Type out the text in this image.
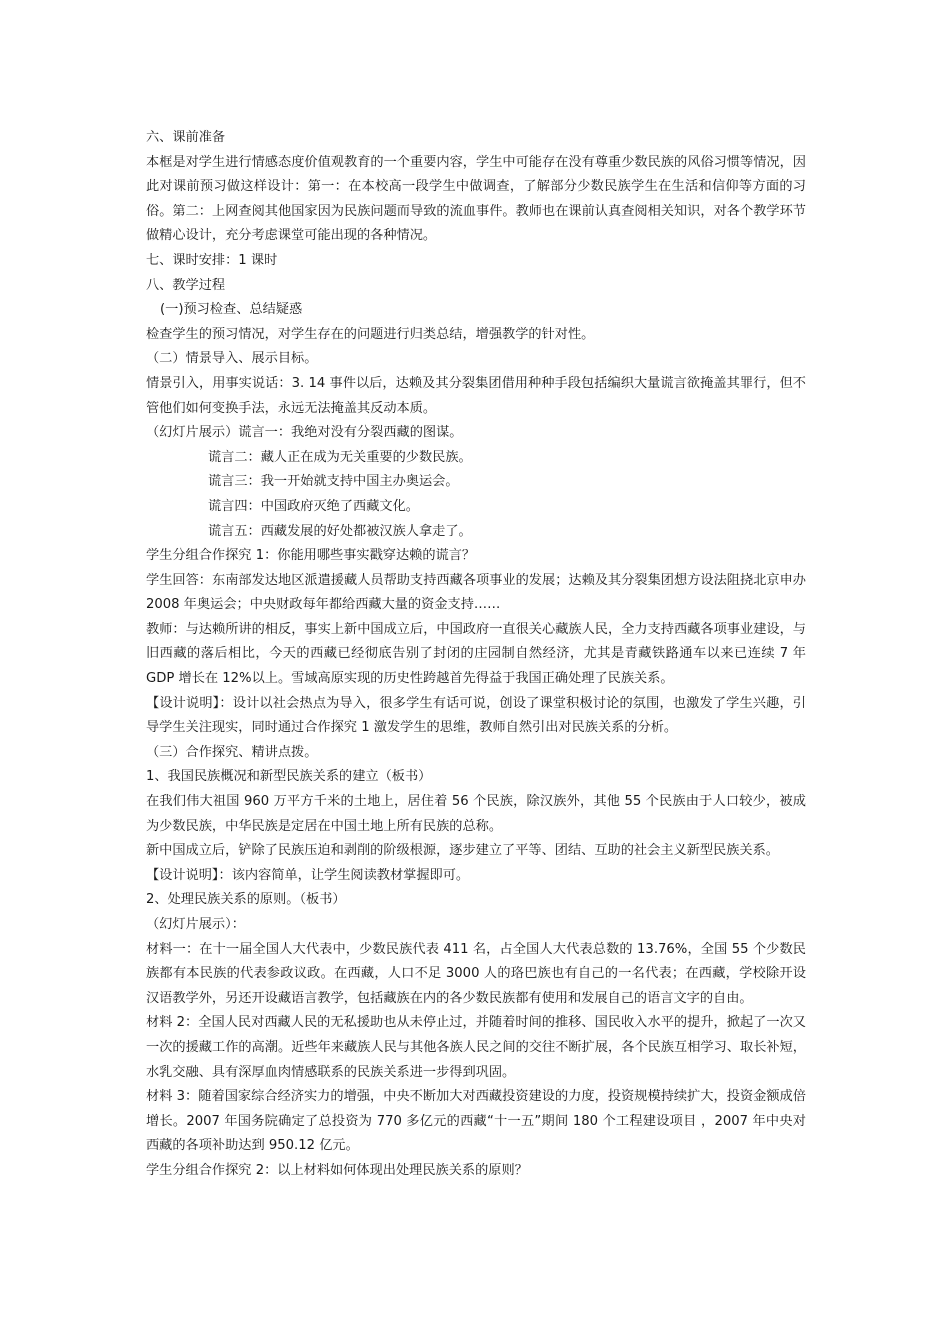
六、课前准备

本框是对学生进行情感态度价值观教育的一个重要内容，学生中可能存在没有尊重少数民族的风俗习惯等情况，因此对课前预习做这样设计：第一：在本校高一段学生中做调查，了解部分少数民族学生在生活和信仰等方面的习俗。第二：上网查阅其他国家因为民族问题而导致的流血事件。教师也在课前认真查阅相关知识，对各个教学环节做精心设计，充分考虑课堂可能出现的各种情况。

七、课时安排：1 课时

八、教学过程

(一)预习检查、总结疑惑

检查学生的预习情况，对学生存在的问题进行归类总结，增强教学的针对性。

（二）情景导入、展示目标。

情景引入，用事实说话：3. 14 事件以后，达赖及其分裂集团借用种种手段包括编织大量谎言欲掩盖其罪行，但不管他们如何变换手法，永远无法掩盖其反动本质。

（幻灯片展示）谎言一：我绝对没有分裂西藏的图谋。

谎言二：藏人正在成为无关重要的少数民族。

谎言三：我一开始就支持中国主办奥运会。

谎言四：中国政府灭绝了西藏文化。

谎言五：西藏发展的好处都被汉族人拿走了。

学生分组合作探究 1：你能用哪些事实戳穿达赖的谎言？

学生回答：东南部发达地区派遣援藏人员帮助支持西藏各项事业的发展；达赖及其分裂集团想方设法阻挠北京申办 2008 年奥运会；中央财政每年都给西藏大量的资金支持……

教师：与达赖所讲的相反，事实上新中国成立后，中国政府一直很关心藏族人民，全力支持西藏各项事业建设，与旧西藏的落后相比，今天的西藏已经彻底告别了封闭的庄园制自然经济，尤其是青藏铁路通车以来已连续 7 年 GDP 增长在 12%以上。雪域高原实现的历史性跨越首先得益于我国正确处理了民族关系。

【设计说明】：设计以社会热点为导入，很多学生有话可说，创设了课堂积极讨论的氛围，也激发了学生兴趣，引导学生关注现实，同时通过合作探究 1 激发学生的思维，教师自然引出对民族关系的分析。

（三）合作探究、精讲点拨。

1、我国民族概况和新型民族关系的建立（板书）

在我们伟大祖国 960 万平方千米的土地上，居住着 56 个民族，除汉族外，其他 55 个民族由于人口较少，被成为少数民族，中华民族是定居在中国土地上所有民族的总称。

新中国成立后，铲除了民族压迫和剥削的阶级根源，逐步建立了平等、团结、互助的社会主义新型民族关系。

【设计说明】：该内容简单，让学生阅读教材掌握即可。

2、处理民族关系的原则。（板书）

（幻灯片展示）：

材料一：在十一届全国人大代表中，少数民族代表 411 名，占全国人大代表总数的 13.76%，全国 55 个少数民族都有本民族的代表参政议政。在西藏，人口不足 3000 人的珞巴族也有自己的一名代表；在西藏，学校除开设汉语教学外，另还开设藏语言教学，包括藏族在内的各少数民族都有使用和发展自己的语言文字的自由。

材料 2：全国人民对西藏人民的无私援助也从未停止过，并随着时间的推移、国民收入水平的提升，掀起了一次又一次的援藏工作的高潮。近些年来藏族人民与其他各族人民之间的交往不断扩展，各个民族互相学习、取长补短，水乳交融、具有深厚血肉情感联系的民族关系进一步得到巩固。

材料 3：随着国家综合经济实力的增强，中央不断加大对西藏投资建设的力度，投资规模持续扩大，投资金额成倍增长。2007 年国务院确定了总投资为 770 多亿元的西藏“十一五”期间 180 个工程建设项目 ，2007 年中央对西藏的各项补助达到 950.12 亿元。

学生分组合作探究 2：以上材料如何体现出处理民族关系的原则？
